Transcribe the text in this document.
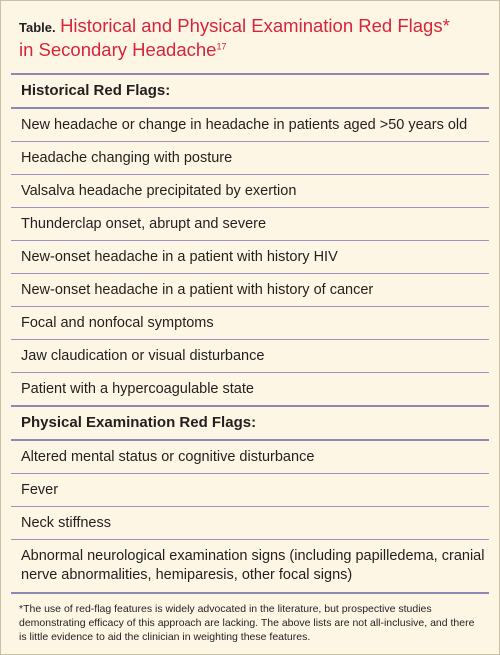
Table. Historical and Physical Examination Red Flags*
in Secondary Headache$^{17}$
Historical Red Flags:
New headache or change in headache in patients aged >50 years old
Headache changing with posture
Valsalva headache precipitated by exertion
Thunderclap onset, abrupt and severe
New-onset headache in a patient with history HIV
New-onset headache in a patient with history of cancer
Focal and nonfocal symptoms
Jaw claudication or visual disturbance
Patient with a hypercoagulable state
Physical Examination Red Flags:
Altered mental status or cognitive disturbance
Fever
Neck stiffness
Abnormal neurological examination signs (including papilledema, cranial nerve abnormalities, hemiparesis, other focal signs)
*The use of red-flag features is widely advocated in the literature, but prospective studies demonstrating efficacy of this approach are lacking. The above lists are not all-inclusive, and there is little evidence to aid the clinician in weighting these features.
